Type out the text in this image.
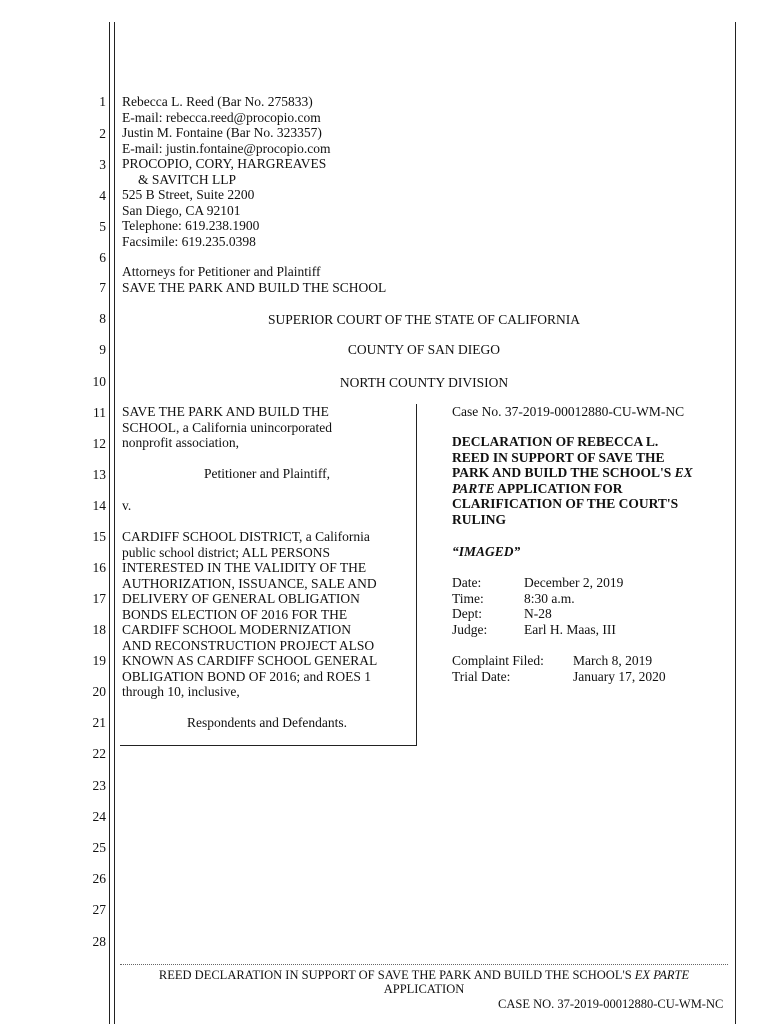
1
2
3
4
5
6
7
8
9
10
11
12
13
14
15
16
17
18
19
20
21
22
23
24
25
26
27
28
Rebecca L. Reed (Bar No. 275833)
E-mail: rebecca.reed@procopio.com
Justin M. Fontaine (Bar No. 323357)
E-mail: justin.fontaine@procopio.com
PROCOPIO, CORY, HARGREAVES
& SAVITCH LLP
525 B Street, Suite 2200
San Diego, CA 92101
Telephone: 619.238.1900
Facsimile: 619.235.0398
Attorneys for Petitioner and Plaintiff
SAVE THE PARK AND BUILD THE SCHOOL
SUPERIOR COURT OF THE STATE OF CALIFORNIA
COUNTY OF SAN DIEGO
NORTH COUNTY DIVISION
SAVE THE PARK AND BUILD THE
SCHOOL, a California unincorporated
nonprofit association,
Petitioner and Plaintiff,
v.
CARDIFF SCHOOL DISTRICT, a California
public school district; ALL PERSONS
INTERESTED IN THE VALIDITY OF THE
AUTHORIZATION, ISSUANCE, SALE AND
DELIVERY OF GENERAL OBLIGATION
BONDS ELECTION OF 2016 FOR THE
CARDIFF SCHOOL MODERNIZATION
AND RECONSTRUCTION PROJECT ALSO
KNOWN AS CARDIFF SCHOOL GENERAL
OBLIGATION BOND OF 2016; and ROES 1
through 10, inclusive,
Respondents and Defendants.
Case No. 37-2019-00012880-CU-WM-NC
DECLARATION OF REBECCA L.
REED IN SUPPORT OF SAVE THE
PARK AND BUILD THE SCHOOL'S EX
PARTE APPLICATION FOR
CLARIFICATION OF THE COURT'S
RULING
“IMAGED”
Date:	December 2, 2019
Time:	8:30 a.m.
Dept:	N-28
Judge:	Earl H. Maas, III
Complaint Filed: March 8, 2019
Trial Date:	January 17, 2020
REED DECLARATION IN SUPPORT OF SAVE THE PARK AND BUILD THE SCHOOL'S EX PARTE
APPLICATION
CASE NO. 37-2019-00012880-CU-WM-NC
